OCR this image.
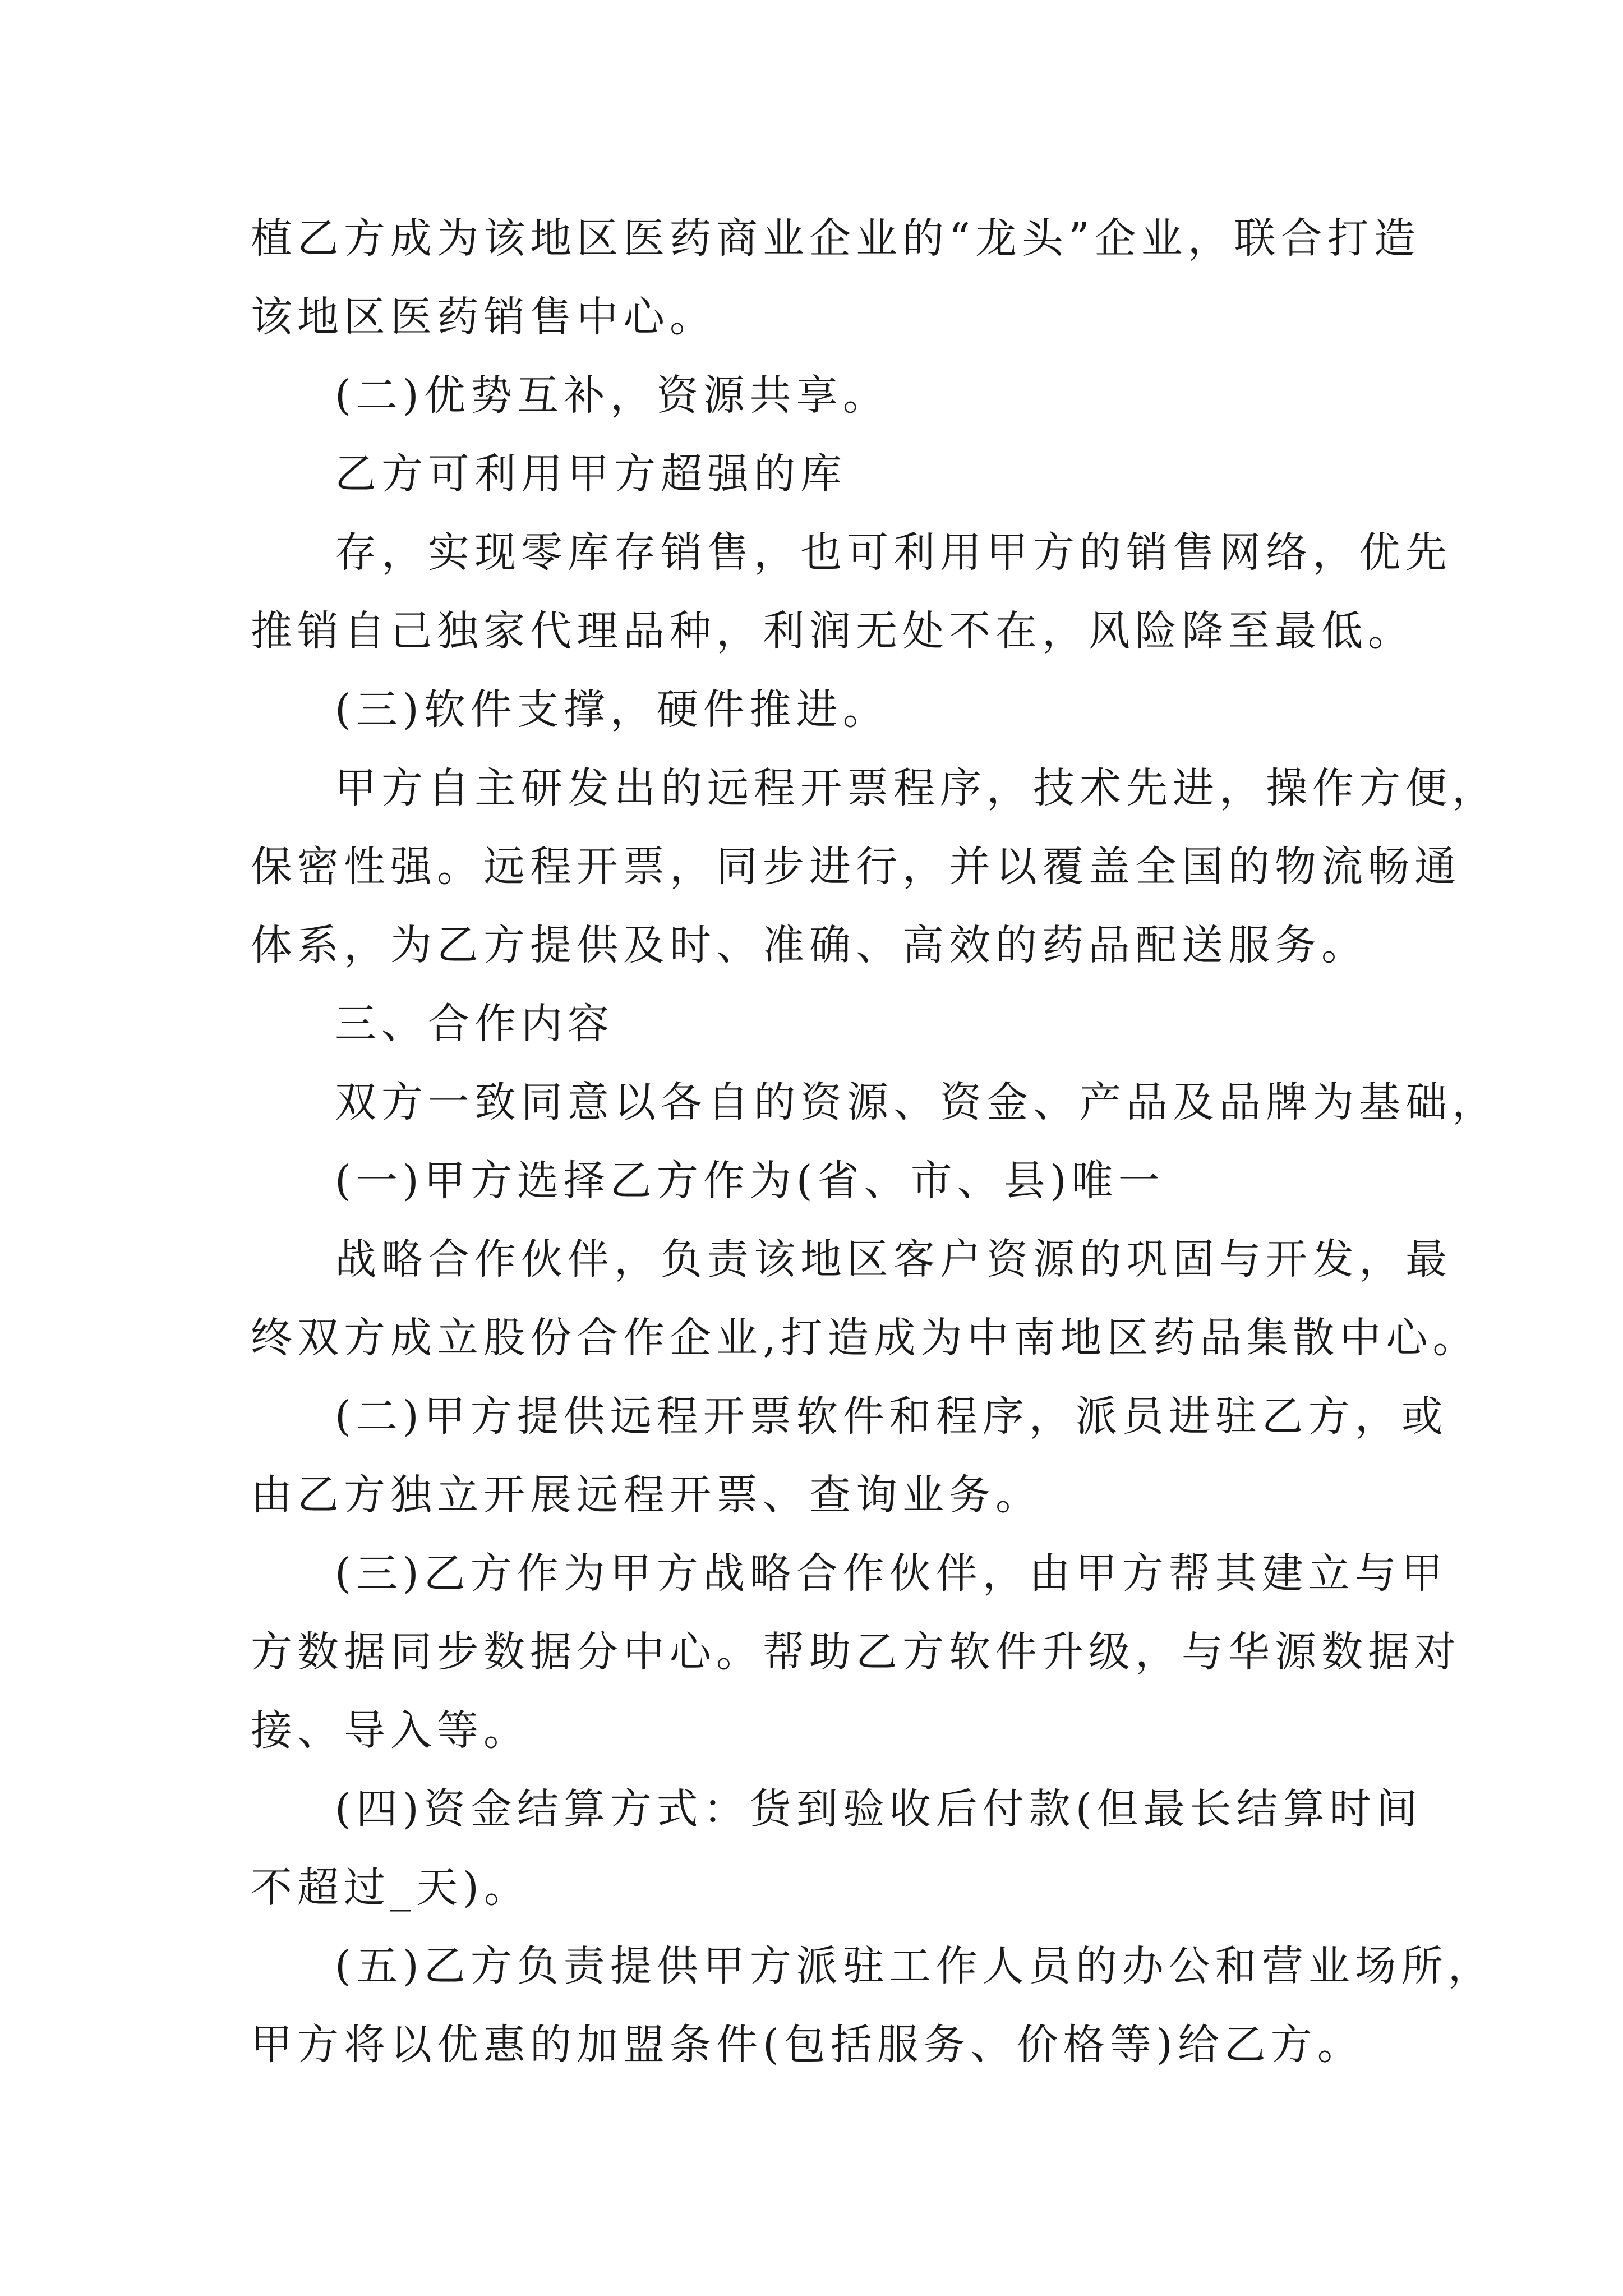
植乙方成为该地区医药商业企业的“龙头”企业，联合打造
该地区医药销售中心。
(二)优势互补，资源共享。
乙方可利用甲方超强的库
存，实现零库存销售，也可利用甲方的销售网络，优先
推销自己独家代理品种，利润无处不在，风险降至最低。
(三)软件支撑，硬件推进。
甲方自主研发出的远程开票程序，技术先进，操作方便，
保密性强。远程开票，同步进行，并以覆盖全国的物流畅通
体系，为乙方提供及时、准确、高效的药品配送服务。
三、合作内容
双方一致同意以各自的资源、资金、产品及品牌为基础，
(一)甲方选择乙方作为(省、市、县)唯一
战略合作伙伴，负责该地区客户资源的巩固与开发，最
终双方成立股份合作企业,打造成为中南地区药品集散中心。
(二)甲方提供远程开票软件和程序，派员进驻乙方，或
由乙方独立开展远程开票、查询业务。
(三)乙方作为甲方战略合作伙伴，由甲方帮其建立与甲
方数据同步数据分中心。帮助乙方软件升级，与华源数据对
接、导入等。
(四)资金结算方式：货到验收后付款(但最长结算时间
不超过_天)。
(五)乙方负责提供甲方派驻工作人员的办公和营业场所，
甲方将以优惠的加盟条件(包括服务、价格等)给乙方。
